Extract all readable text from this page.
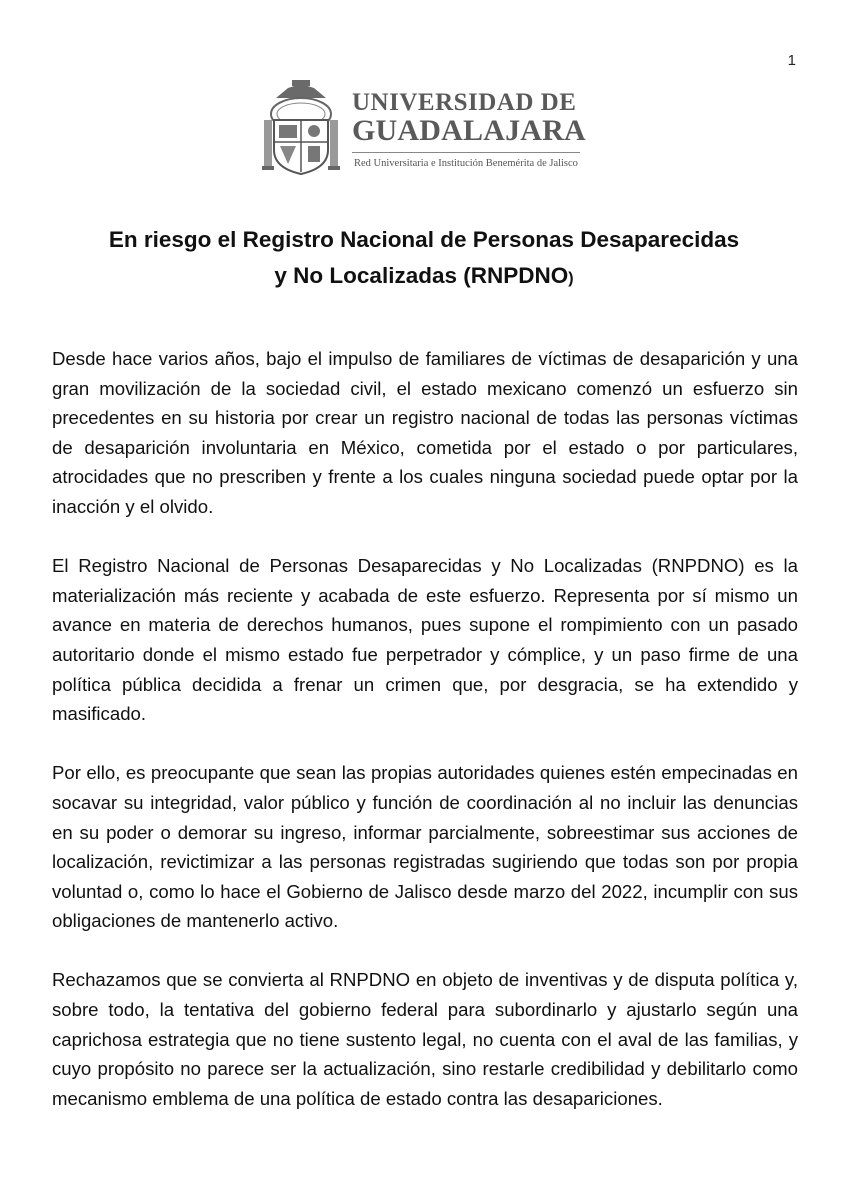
1
UNIVERSIDAD DE
GUADALAJARA
Red Universitaria e Institución Benemérita de Jalisco
En riesgo el Registro Nacional de Personas Desaparecidas
y No Localizadas (RNPDNO)

Desde hace varios años, bajo el impulso de familiares de víctimas de desaparición y una gran movilización de la sociedad civil, el estado mexicano comenzó un esfuerzo sin precedentes en su historia por crear un registro nacional de todas las personas víctimas de desaparición involuntaria en México, cometida por el estado o por particulares, atrocidades que no prescriben y frente a los cuales ninguna sociedad puede optar por la inacción y el olvido.

El Registro Nacional de Personas Desaparecidas y No Localizadas (RNPDNO) es la materialización más reciente y acabada de este esfuerzo. Representa por sí mismo un avance en materia de derechos humanos, pues supone el rompimiento con un pasado autoritario donde el mismo estado fue perpetrador y cómplice, y un paso firme de una política pública decidida a frenar un crimen que, por desgracia, se ha extendido y masificado.

Por ello, es preocupante que sean las propias autoridades quienes estén empecinadas en socavar su integridad, valor público y función de coordinación al no incluir las denuncias en su poder o demorar su ingreso, informar parcialmente, sobreestimar sus acciones de localización, revictimizar a las personas registradas sugiriendo que todas son por propia voluntad o, como lo hace el Gobierno de Jalisco desde marzo del 2022, incumplir con sus obligaciones de mantenerlo activo.

Rechazamos que se convierta al RNPDNO en objeto de inventivas y de disputa política y, sobre todo, la tentativa del gobierno federal para subordinarlo y ajustarlo según una caprichosa estrategia que no tiene sustento legal, no cuenta con el aval de las familias, y cuyo propósito no parece ser la actualización, sino restarle credibilidad y debilitarlo como mecanismo emblema de una política de estado contra las desapariciones.
